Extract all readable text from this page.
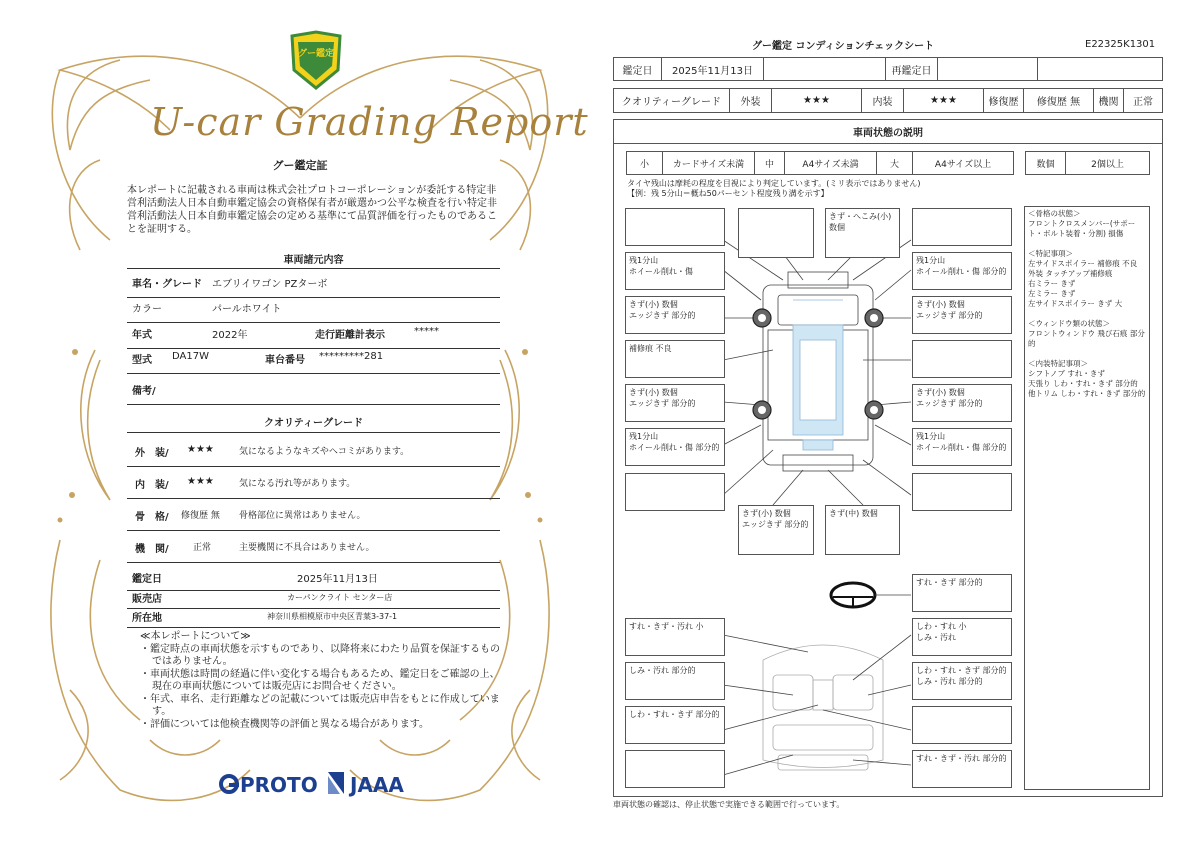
グー鑑定
U-car Grading Report
グー鑑定証
本レポートに記載される車両は株式会社プロトコーポレーションが委託する特定非営利活動法人日本自動車鑑定協会の資格保有者が厳選かつ公平な検査を行い特定非営利活動法人日本自動車鑑定協会の定める基準にて品質評価を行ったものであることを証明する。
車両諸元内容
車名・グレード エブリイワゴン PZターボ
カラー	パールホワイト
年式	2022年	走行距離計表示	*****
型式 DA17W	車台番号 *********281
備考/
クオリティーグレード
外　装/ ★★★	気になるようなキズやヘコミがあります。
内　装/ ★★★	気になる汚れ等があります。
骨　格/ 修復歴 無 骨格部位に異常はありません。
機　関/	正常	主要機関に不具合はありません。
鑑定日	2025年11月13日
販売店	カーパンクライト センター店
所在地	神奈川県相模原市中央区青葉3-37-1
≪本レポートについて≫
・鑑定時点の車両状態を示すものであり、以降将来にわたり品質を保証するものではありません。
・車両状態は時間の経過に伴い変化する場合もあるため、鑑定日をご確認の上、現在の車両状態については販売店にお問合せください。
・年式、車名、走行距離などの記載については販売店申告をもとに作成しています。
・評価については他検査機関等の評価と異なる場合があります。
PROTO JAAA
グー鑑定 コンディションチェックシート	E22325K1301
鑑定日	2025年11月13日	再鑑定日
クオリティーグレード	外装	★★★	内装	★★★	修復歴	修復歴 無	機関	正常
車両状態の説明
小	カードサイズ未満	中	A4サイズ未満	大	A4サイズ以上	数個	2個以上
タイヤ残山は摩耗の程度を目視により判定しています。(ミリ表示ではありません)
【例：残 5分山＝概ね50パーセント程度残り溝を示す】
きず・へこみ(小) 数個
残1分山
ホイール削れ・傷
残1分山
ホイール削れ・傷 部分的
きず(小) 数個
エッジきず 部分的
きず(小) 数個
エッジきず 部分的
補修痕 不良
きず(小) 数個
エッジきず 部分的
きず(小) 数個
エッジきず 部分的
残1分山
ホイール削れ・傷 部分的
残1分山
ホイール削れ・傷 部分的
きず(小) 数個
エッジきず 部分的
きず(中) 数個
すれ・きず 部分的
すれ・きず・汚れ 小	しわ・すれ 小
しみ・汚れ
しみ・汚れ 部分的	しわ・すれ・きず 部分的
しみ・汚れ 部分的
しわ・すれ・きず 部分的
すれ・きず・汚れ 部分的
＜骨格の状態＞
フロントクロスメンバー(サポート・ボルト装着・分割) 損傷

＜特記事項＞
左サイドスポイラー 補修痕 不良
外装 タッチアップ補修痕
右ミラー きず
左ミラー きず
左サイドスポイラー きず 大

＜ウィンドウ類の状態＞
フロントウィンドウ 飛び石痕 部分的

＜内装特記事項＞
シフトノブ すれ・きず
天張り しわ・すれ・きず 部分的
他トリム しわ・すれ・きず 部分的
車両状態の確認は、停止状態で実施できる範囲で行っています。
